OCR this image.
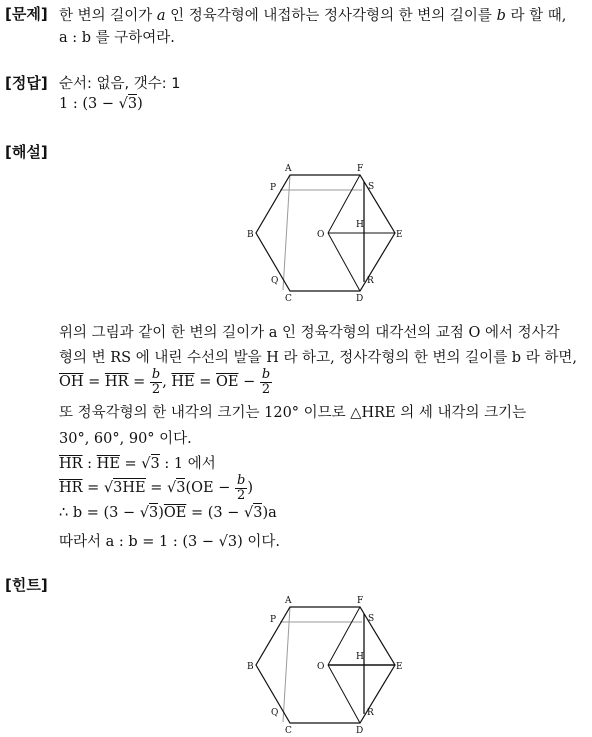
[문제] 한 변의 길이가 a 인 정육각형에 내접하는 정사각형의 한 변의 길이를 b 라 할 때,
a : b 를 구하여라.
[정답] 순서: 없음, 갯수: 1
1 : (3 − √3)
[해설]
A	F
P	S
B	E
O
H
Q	R
C	D
위의 그림과 같이 한 변의 길이가 a 인 정육각형의 대각선의 교점 O 에서 정사각
형의 변 RS 에 내린 수선의 발을 H 라 하고, 정사각형의 한 변의 길이를 b 라 하면,
$\overline{OH} = \overline{HR} = \frac{b}{2}$ , $\overline{HE} = \overline{OE} - \frac{b}{2}$
또 정육각형의 한 내각의 크기는 120° 이므로 △HRE 의 세 내각의 크기는
30°, 60°, 90° 이다.
$\overline{HR}$ : $\overline{HE} = √3$ : 1 에서
$\overline{HR} = √3HE = √3(OE - \frac{b}{2}$ )
∴ $b = (3 - √3)\overline{OE} = (3 - √3)a$
따라서 a : b = 1 : (3 − √3) 이다.
[힌트]
A	F
P	S
B	E
O
H
Q	R
C	D
